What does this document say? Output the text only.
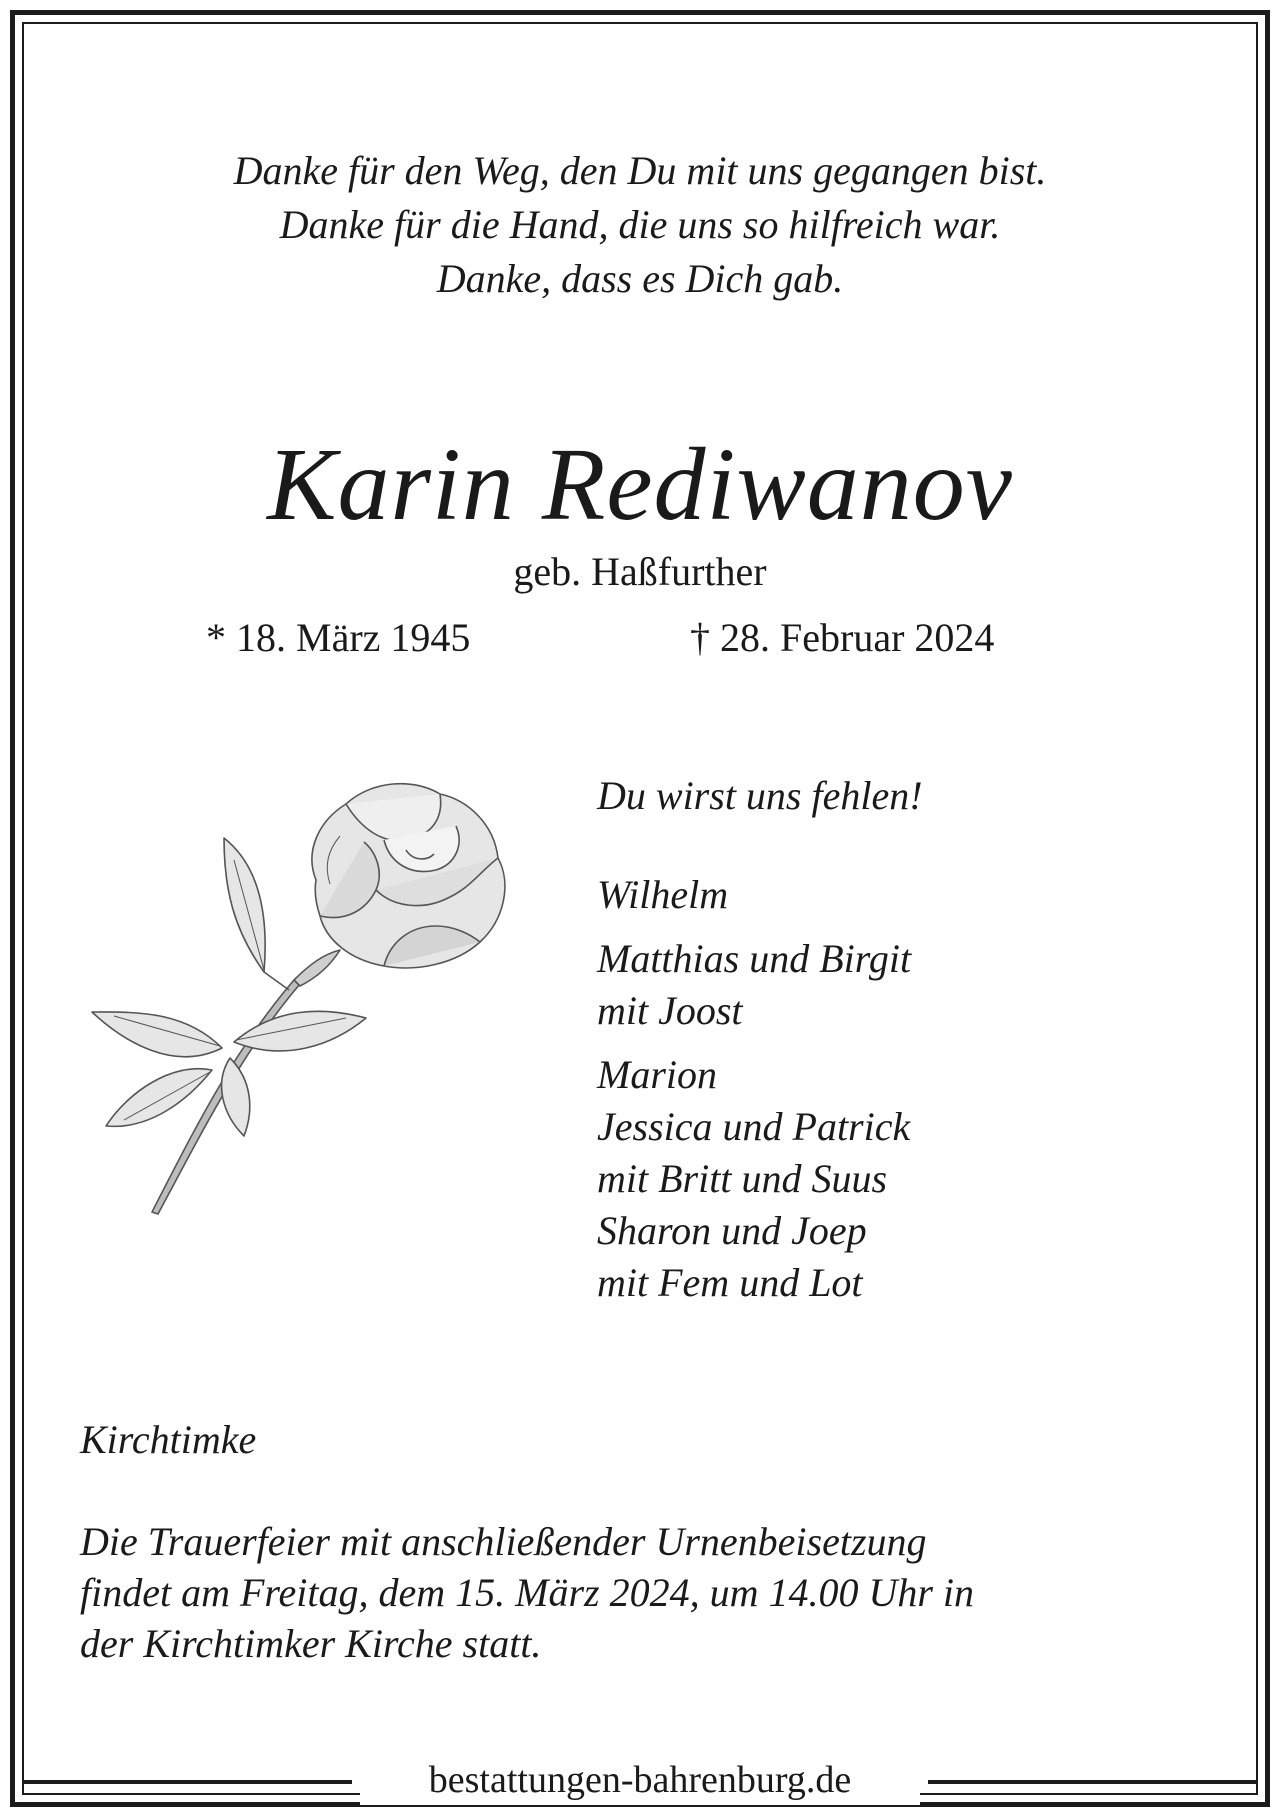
Danke für den Weg, den Du mit uns gegangen bist.
Danke für die Hand, die uns so hilfreich war.
Danke, dass es Dich gab.
Karin Rediwanov
geb. Haßfurther
* 18. März 1945	† 28. Februar 2024
Du wirst uns fehlen!
Wilhelm
Matthias und Birgit
mit Joost
Marion
Jessica und Patrick
mit Britt und Suus
Sharon und Joep
mit Fem und Lot
Kirchtimke
Die Trauerfeier mit anschließender Urnenbeisetzung
findet am Freitag, dem 15. März 2024, um 14.00 Uhr in
der Kirchtimker Kirche statt.
bestattungen-bahrenburg.de
